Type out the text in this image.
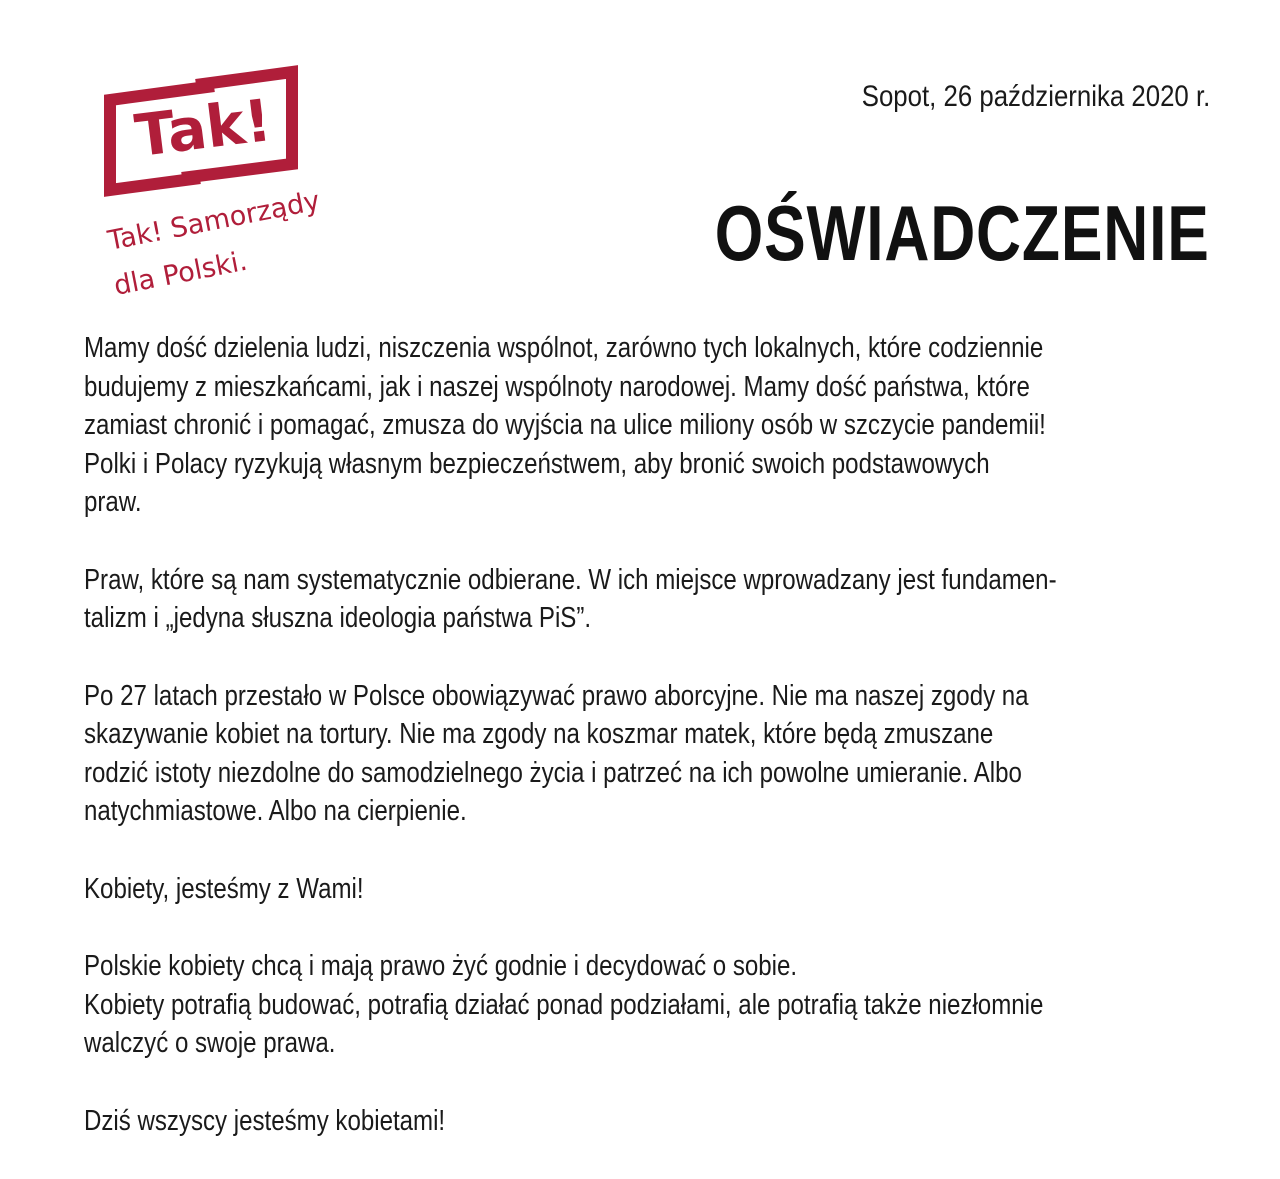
Tak!
Tak! Samorządy
dla Polski.
Sopot, 26 października 2020 r.
OŚWIADCZENIE
Mamy dość dzielenia ludzi, niszczenia wspólnot, zarówno tych lokalnych, które codziennie
budujemy z mieszkańcami, jak i naszej wspólnoty narodowej. Mamy dość państwa, które
zamiast chronić i pomagać, zmusza do wyjścia na ulice miliony osób w szczycie pandemii!
Polki i Polacy ryzykują własnym bezpieczeństwem, aby bronić swoich podstawowych
praw.
Praw, które są nam systematycznie odbierane. W ich miejsce wprowadzany jest fundamen-
talizm i „jedyna słuszna ideologia państwa PiS”.
Po 27 latach przestało w Polsce obowiązywać prawo aborcyjne. Nie ma naszej zgody na
skazywanie kobiet na tortury. Nie ma zgody na koszmar matek, które będą zmuszane
rodzić istoty niezdolne do samodzielnego życia i patrzeć na ich powolne umieranie. Albo
natychmiastowe. Albo na cierpienie.
Kobiety, jesteśmy z Wami!
Polskie kobiety chcą i mają prawo żyć godnie i decydować o sobie.
Kobiety potrafią budować, potrafią działać ponad podziałami, ale potrafią także niezłomnie
walczyć o swoje prawa.
Dziś wszyscy jesteśmy kobietami!
